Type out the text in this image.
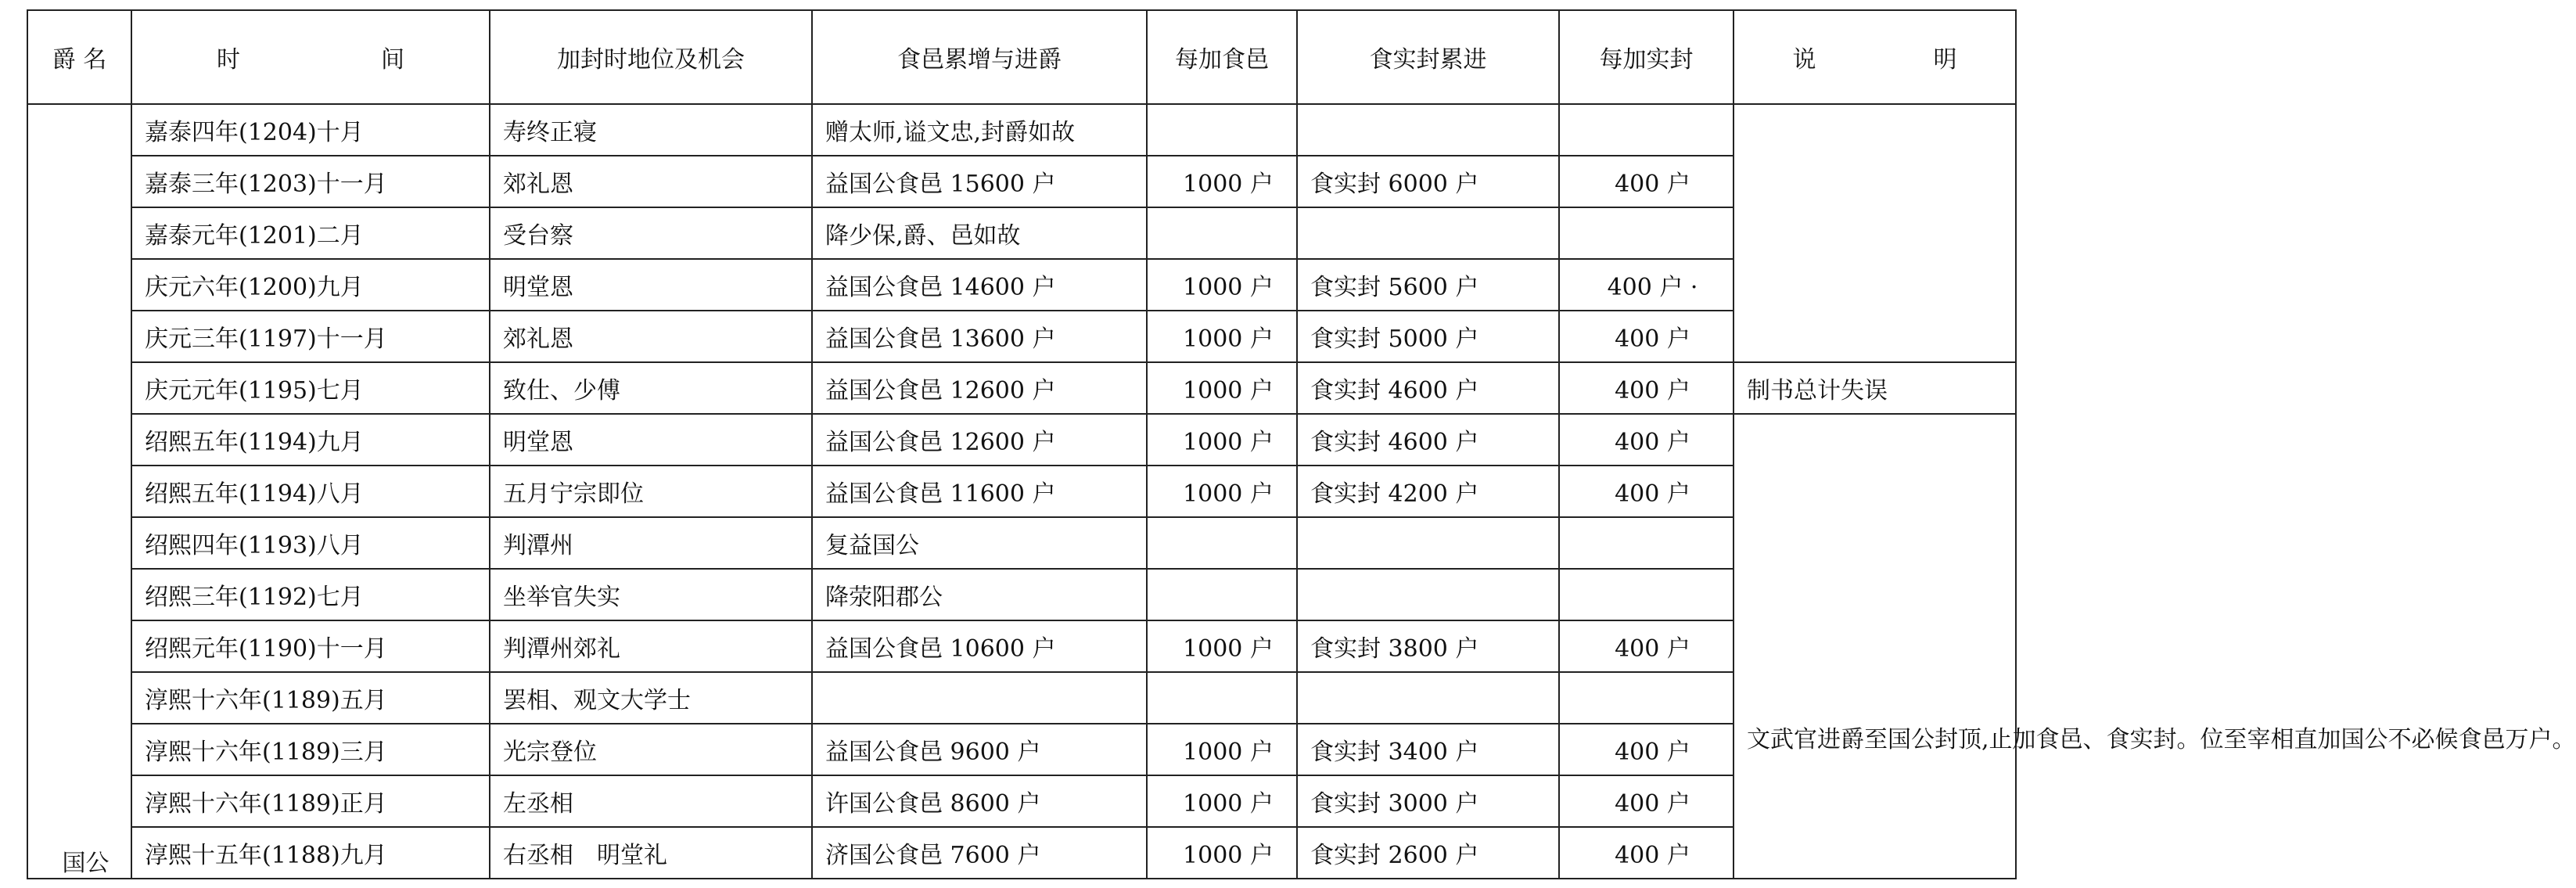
爵 名	时　　　　　　间	加封时地位及机会	食邑累增与进爵	每加食邑	食实封累进	每加实封	说　　　　　明
国公	嘉泰四年(1204)十月	寿终正寝	赠太师,谥文忠,封爵如故				
	嘉泰三年(1203)十一月	郊礼恩	益国公食邑 15600 户	1000 户	食实封 6000 户	400 户	
	嘉泰元年(1201)二月	受台察	降少保,爵、邑如故				
	庆元六年(1200)九月	明堂恩	益国公食邑 14600 户	1000 户	食实封 5600 户	400 户 ·	
	庆元三年(1197)十一月	郊礼恩	益国公食邑 13600 户	1000 户	食实封 5000 户	400 户	
	庆元元年(1195)七月	致仕、少傅	益国公食邑 12600 户	1000 户	食实封 4600 户	400 户	制书总计失误
	绍熙五年(1194)九月	明堂恩	益国公食邑 12600 户	1000 户	食实封 4600 户	400 户	文武官进爵至国公封顶,止加食邑、食实封。位至宰相直加国公不必候食邑万户。

	绍熙五年(1194)八月	五月宁宗即位	益国公食邑 11600 户	1000 户	食实封 4200 户	400 户	
	绍熙四年(1193)八月	判潭州	复益国公				
	绍熙三年(1192)七月	坐举官失实	降荥阳郡公				
	绍熙元年(1190)十一月	判潭州郊礼	益国公食邑 10600 户	1000 户	食实封 3800 户	400 户	
	淳熙十六年(1189)五月	罢相、观文大学士					
	淳熙十六年(1189)三月	光宗登位	益国公食邑 9600 户	1000 户	食实封 3400 户	400 户	
	淳熙十六年(1189)正月	左丞相	许国公食邑 8600 户	1000 户	食实封 3000 户	400 户	
	淳熙十五年(1188)九月	右丞相　明堂礼	济国公食邑 7600 户	1000 户	食实封 2600 户	400 户	
